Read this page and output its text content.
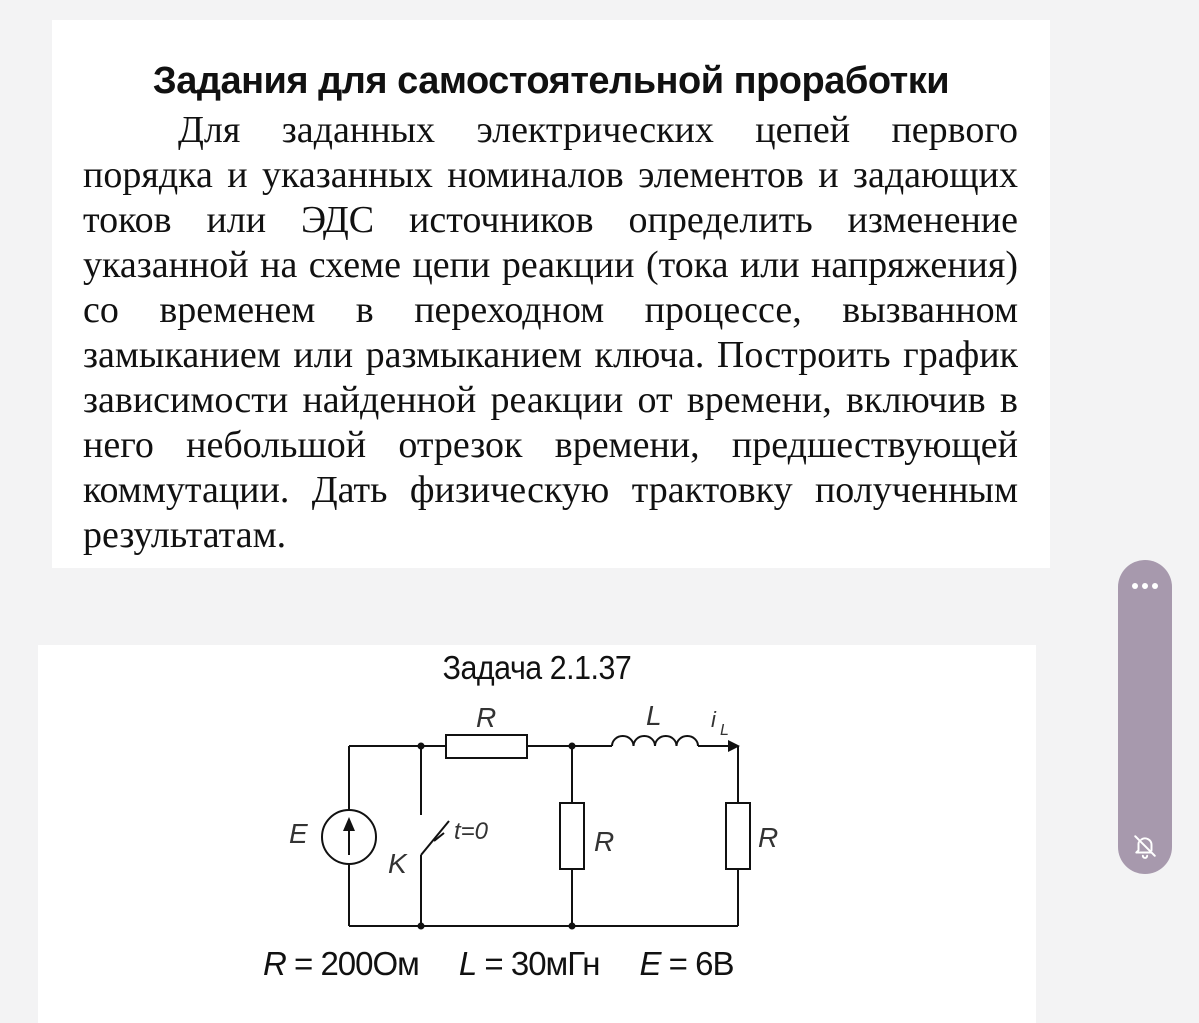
Задания для самостоятельной проработки

Для заданных электрических цепей первого порядка и указанных номиналов элементов и задающих токов или ЭДС источников определить изменение указанной на схеме цепи реакции (тока или напряжения) со временем в переходном процессе, вызванном замыканием или размыканием ключа. Построить график зависимости найденной реакции от времени, включив в него небольшой отрезок времени, предшествующей коммутации. Дать физическую трактовку полученным результатам.

Задача 2.1.37
R	L
E
K
R	R
t=0
i L
R = 200Ом L = 30мГн E = 6В
